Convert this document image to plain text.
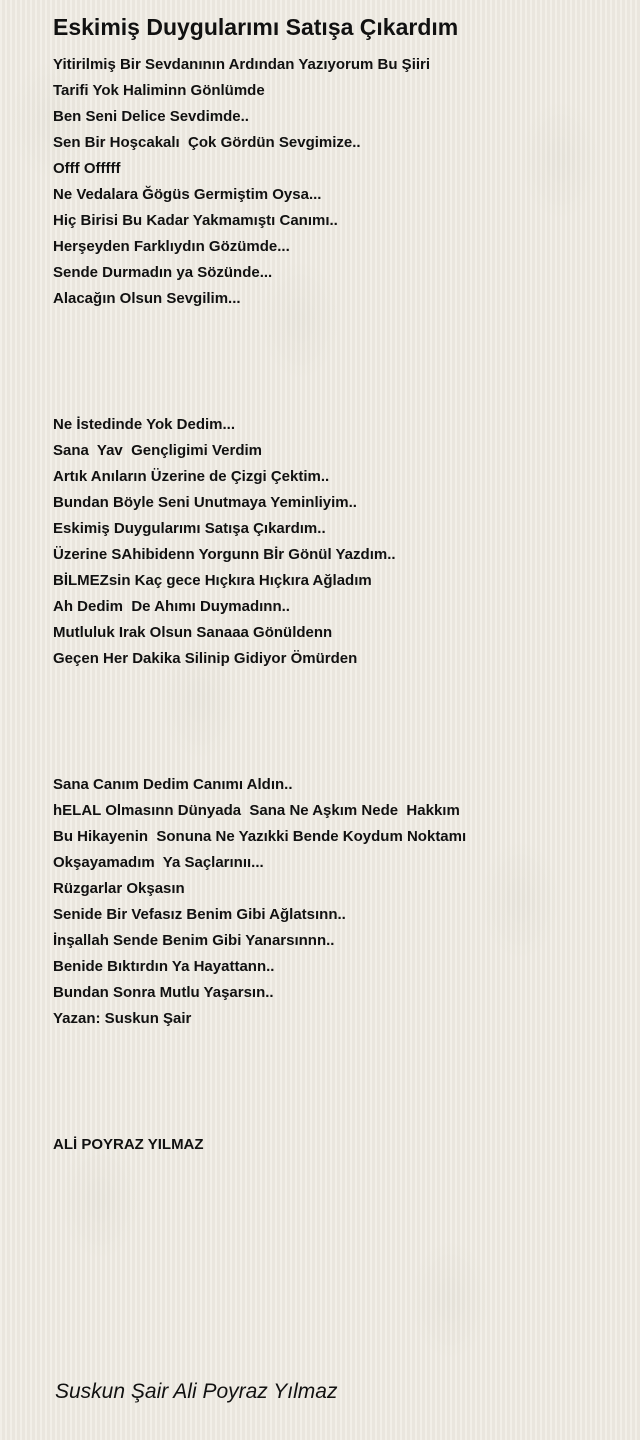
Eskimiş Duygularımı Satışa Çıkardım
Yitirilmiş Bir Sevdanının Ardından Yazıyorum Bu Şiiri
Tarifi Yok Haliminn Gönlümde
Ben Seni Delice Sevdimde..
Sen Bir Hoşcakalı  Çok Gördün Sevgimize..
Offf Offfff
Ne Vedalara Ğögüs Germiştim Oysa...
Hiç Birisi Bu Kadar Yakmamıştı Canımı..
Herşeyden Farklıydın Gözümde...
Sende Durmadın ya Sözünde...
Alacağın Olsun Sevgilim...
Ne İstedinde Yok Dedim...
Sana  Yav  Gençligimi Verdim
Artık Anıların Üzerine de Çizgi Çektim..
Bundan Böyle Seni Unutmaya Yeminliyim..
Eskimiş Duygularımı Satışa Çıkardım..
Üzerine SAhibidenn Yorgunn Bİr Gönül Yazdım..
BİLMEZsin Kaç gece Hıçkıra Hıçkıra Ağladım
Ah Dedim  De Ahımı Duymadınn..
Mutluluk Irak Olsun Sanaaa Gönüldenn
Geçen Her Dakika Silinip Gidiyor Ömürden
Sana Canım Dedim Canımı Aldın..
hELAL Olmasınn Dünyada  Sana Ne Aşkım Nede  Hakkım
Bu Hikayenin  Sonuna Ne Yazıkki Bende Koydum Noktamı
Okşayamadım  Ya Saçlarınıı...
Rüzgarlar Okşasın
Senide Bir Vefasız Benim Gibi Ağlatsınn..
İnşallah Sende Benim Gibi Yanarsınnn..
Benide Bıktırdın Ya Hayattann..
Bundan Sonra Mutlu Yaşarsın..
Yazan: Suskun Şair
ALİ POYRAZ YILMAZ
Suskun Şair Ali Poyraz Yılmaz
